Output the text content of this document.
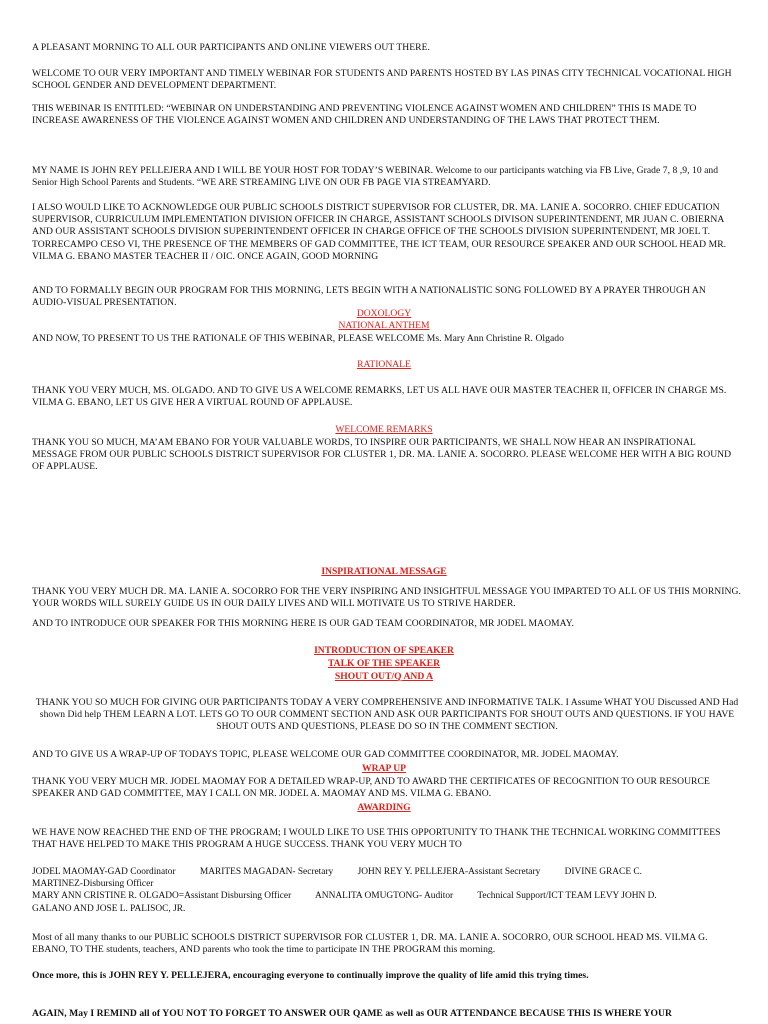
A PLEASANT MORNING TO ALL OUR PARTICIPANTS AND ONLINE VIEWERS OUT THERE.

WELCOME TO OUR VERY IMPORTANT AND TIMELY WEBINAR FOR STUDENTS AND PARENTS HOSTED BY LAS PINAS CITY TECHNICAL VOCATIONAL HIGH SCHOOL GENDER AND DEVELOPMENT DEPARTMENT.

THIS WEBINAR IS ENTITLED: “WEBINAR ON UNDERSTANDING AND PREVENTING VIOLENCE AGAINST WOMEN AND CHILDREN” THIS IS MADE TO INCREASE AWARENESS OF THE VIOLENCE AGAINST WOMEN AND CHILDREN AND UNDERSTANDING OF THE LAWS THAT PROTECT THEM.

MY NAME IS JOHN REY PELLEJERA AND I WILL BE YOUR HOST FOR TODAY’S WEBINAR. Welcome to our participants watching via FB Live, Grade 7, 8 ,9, 10 and Senior High School Parents and Students. “WE ARE STREAMING LIVE ON OUR FB PAGE VIA STREAMYARD.

I ALSO WOULD LIKE TO ACKNOWLEDGE OUR PUBLIC SCHOOLS DISTRICT SUPERVISOR FOR CLUSTER, DR. MA. LANIE A. SOCORRO. CHIEF EDUCATION SUPERVISOR, CURRICULUM IMPLEMENTATION DIVISION OFFICER IN CHARGE, ASSISTANT SCHOOLS DIVISON SUPERINTENDENT, MR JUAN C. OBIERNA AND OUR ASSISTANT SCHOOLS DIVISION SUPERINTENDENT OFFICER IN CHARGE OFFICE OF THE SCHOOLS DIVISION SUPERINTENDENT, MR JOEL T. TORRECAMPO CESO VI, THE PRESENCE OF THE MEMBERS OF GAD COMMITTEE, THE ICT TEAM, OUR RESOURCE SPEAKER AND OUR SCHOOL HEAD MR. VILMA G. EBANO MASTER TEACHER II / OIC. ONCE AGAIN, GOOD MORNING

AND TO FORMALLY BEGIN OUR PROGRAM FOR THIS MORNING, LETS BEGIN WITH A NATIONALISTIC SONG FOLLOWED BY A PRAYER THROUGH AN AUDIO-VISUAL PRESENTATION.

DOXOLOGY

NATIONAL ANTHEM

AND NOW, TO PRESENT TO US THE RATIONALE OF THIS WEBINAR, PLEASE WELCOME Ms. Mary Ann Christine R. Olgado

RATIONALE

THANK YOU VERY MUCH, MS. OLGADO. AND TO GIVE US A WELCOME REMARKS, LET US ALL HAVE OUR MASTER TEACHER II, OFFICER IN CHARGE MS. VILMA G. EBANO, LET US GIVE HER A VIRTUAL ROUND OF APPLAUSE.

WELCOME REMARKS

THANK YOU SO MUCH, MA’AM EBANO FOR YOUR VALUABLE WORDS, TO INSPIRE OUR PARTICIPANTS, WE SHALL NOW HEAR AN INSPIRATIONAL MESSAGE FROM OUR PUBLIC SCHOOLS DISTRICT SUPERVISOR FOR CLUSTER 1, DR. MA. LANIE A. SOCORRO. PLEASE WELCOME HER WITH A BIG ROUND OF APPLAUSE.

INSPIRATIONAL MESSAGE

THANK YOU VERY MUCH DR. MA. LANIE A. SOCORRO FOR THE VERY INSPIRING AND INSIGHTFUL MESSAGE YOU IMPARTED TO ALL OF US THIS MORNING. YOUR WORDS WILL SURELY GUIDE US IN OUR DAILY LIVES AND WILL MOTIVATE US TO STRIVE HARDER.

AND TO INTRODUCE OUR SPEAKER FOR THIS MORNING HERE IS OUR GAD TEAM COORDINATOR, MR JODEL MAOMAY.

INTRODUCTION OF SPEAKER

TALK OF THE SPEAKER

SHOUT OUT/Q AND A

THANK YOU SO MUCH FOR GIVING OUR PARTICIPANTS TODAY A VERY COMPREHENSIVE AND INFORMATIVE TALK. I Assume WHAT YOU Discussed AND Had shown Did help THEM LEARN A LOT. LETS GO TO OUR COMMENT SECTION AND ASK OUR PARTICIPANTS FOR SHOUT OUTS AND QUESTIONS. IF YOU HAVE SHOUT OUTS AND QUESTIONS, PLEASE DO SO IN THE COMMENT SECTION.

AND TO GIVE US A WRAP-UP OF TODAYS TOPIC, PLEASE WELCOME OUR GAD COMMITTEE COORDINATOR, MR. JODEL MAOMAY.

WRAP UP

THANK YOU VERY MUCH MR. JODEL MAOMAY FOR A DETAILED WRAP-UP, AND TO AWARD THE CERTIFICATES OF RECOGNITION TO OUR RESOURCE SPEAKER AND GAD COMMITTEE, MAY I CALL ON MR. JODEL A. MAOMAY AND MS. VILMA G. EBANO.

AWARDING

WE HAVE NOW REACHED THE END OF THE PROGRAM; I WOULD LIKE TO USE THIS OPPORTUNITY TO THANK THE TECHNICAL WORKING COMMITTEES THAT HAVE HELPED TO MAKE THIS PROGRAM A HUGE SUCCESS. THANK YOU VERY MUCH TO

JODEL MAOMAY-GAD Coordinator	MARITES MAGADAN- Secretary	JOHN REY Y. PELLEJERA-Assistant Secretary	DIVINE GRACE C.
MARTINEZ-Disbursing Officer
MARY ANN CRISTINE R. OLGADO=Assistant Disbursing Officer	ANNALITA OMUGTONG- Auditor	Technical Support/ICT TEAM LEVY JOHN D.
GALANO AND JOSE L. PALISOC, JR.

Most of all many thanks to our PUBLIC SCHOOLS DISTRICT SUPERVISOR FOR CLUSTER 1, DR. MA. LANIE A. SOCORRO, OUR SCHOOL HEAD MS. VILMA G. EBANO, TO THE students, teachers, AND parents who took the time to participate IN THE PROGRAM this morning.

Once more, this is JOHN REY Y. PELLEJERA, encouraging everyone to continually improve the quality of life amid this trying times.

AGAIN, May I REMIND all of YOU NOT TO FORGET TO ANSWER OUR QAME as well as OUR ATTENDANCE BECAUSE THIS IS WHERE YOUR
